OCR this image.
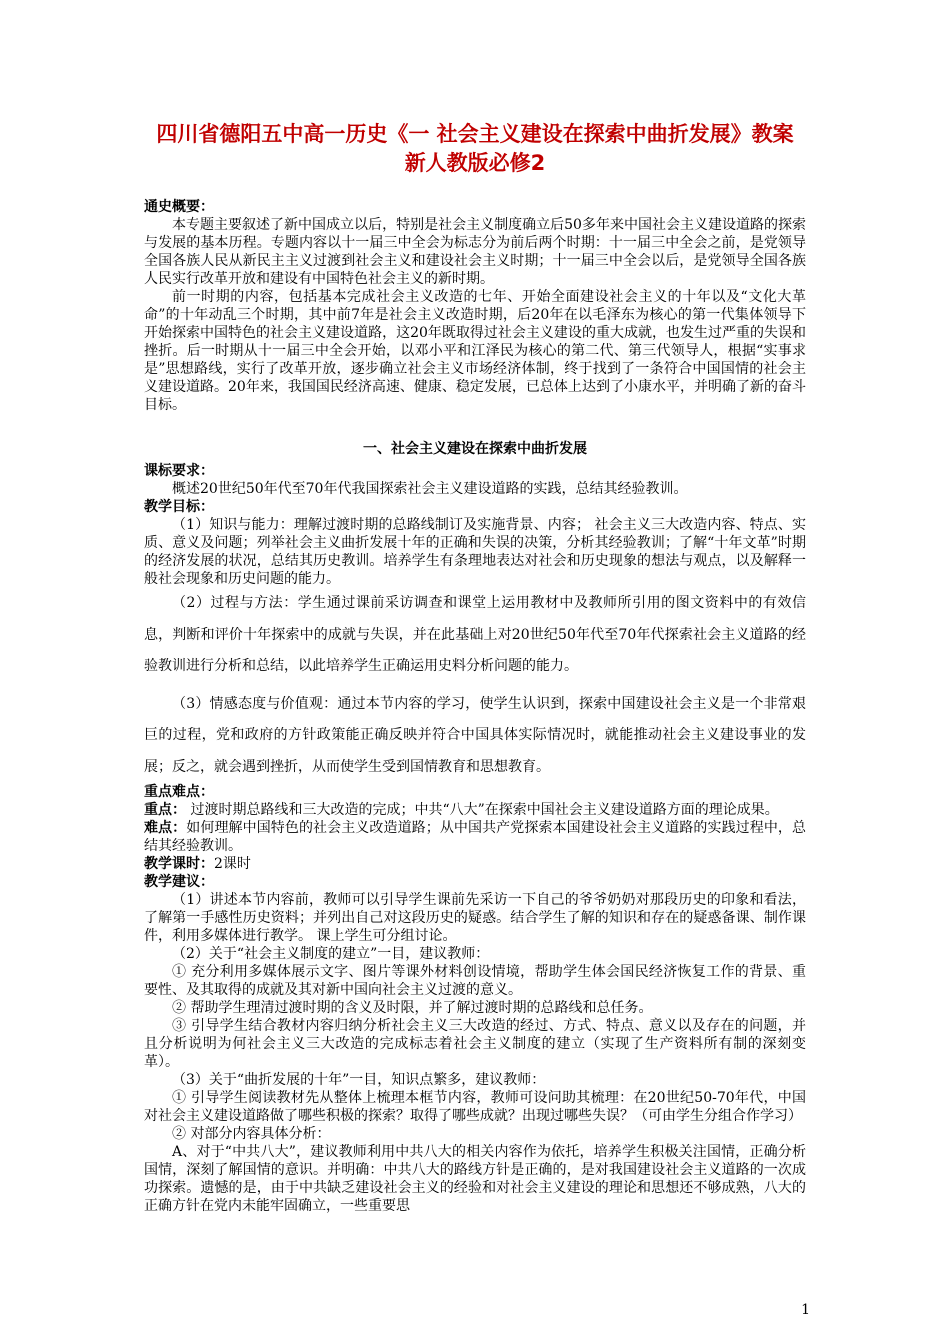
四川省德阳五中高一历史《一 社会主义建设在探索中曲折发展》教案 新人教版必修2

通史概要：

本专题主要叙述了新中国成立以后，特别是社会主义制度确立后50多年来中国社会主义建设道路的探索与发展的基本历程。专题内容以十一届三中全会为标志分为前后两个时期：十一届三中全会之前，是党领导全国各族人民从新民主主义过渡到社会主义和建设社会主义时期；十一届三中全会以后，是党领导全国各族人民实行改革开放和建设有中国特色社会主义的新时期。

前一时期的内容，包括基本完成社会主义改造的七年、开始全面建设社会主义的十年以及“文化大革命”的十年动乱三个时期，其中前7年是社会主义改造时期，后20年在以毛泽东为核心的第一代集体领导下开始探索中国特色的社会主义建设道路，这20年既取得过社会主义建设的重大成就，也发生过严重的失误和挫折。后一时期从十一届三中全会开始，以邓小平和江泽民为核心的第二代、第三代领导人，根据“实事求是”思想路线，实行了改革开放，逐步确立社会主义市场经济体制，终于找到了一条符合中国国情的社会主义建设道路。20年来，我国国民经济高速、健康、稳定发展，已总体上达到了小康水平，并明确了新的奋斗目标。

一、社会主义建设在探索中曲折发展

课标要求：

概述20世纪50年代至70年代我国探索社会主义建设道路的实践，总结其经验教训。

教学目标：

（1）知识与能力：理解过渡时期的总路线制订及实施背景、内容； 社会主义三大改造内容、特点、实质、意义及问题；列举社会主义曲折发展十年的正确和失误的决策，分析其经验教训；了解“十年文革”时期的经济发展的状况，总结其历史教训。培养学生有条理地表达对社会和历史现象的想法与观点，以及解释一般社会现象和历史问题的能力。

（2）过程与方法：学生通过课前采访调查和课堂上运用教材中及教师所引用的图文资料中的有效信息，判断和评价十年探索中的成就与失误，并在此基础上对20世纪50年代至70年代探索社会主义道路的经验教训进行分析和总结，以此培养学生正确运用史料分析问题的能力。

（3）情感态度与价值观：通过本节内容的学习，使学生认识到，探索中国建设社会主义是一个非常艰巨的过程，党和政府的方针政策能正确反映并符合中国具体实际情况时，就能推动社会主义建设事业的发展；反之，就会遇到挫折，从而使学生受到国情教育和思想教育。

重点难点：

重点： 过渡时期总路线和三大改造的完成；中共“八大”在探索中国社会主义建设道路方面的理论成果。

难点：如何理解中国特色的社会主义改造道路；从中国共产党探索本国建设社会主义道路的实践过程中，总结其经验教训。

教学课时：2课时

教学建议：

（1）讲述本节内容前，教师可以引导学生课前先采访一下自己的爷爷奶奶对那段历史的印象和看法，了解第一手感性历史资料；并列出自己对这段历史的疑惑。结合学生了解的知识和存在的疑惑备课、制作课件，利用多媒体进行教学。 课上学生可分组讨论。

（2）关于“社会主义制度的建立”一目，建议教师：

① 充分利用多媒体展示文字、图片等课外材料创设情境，帮助学生体会国民经济恢复工作的背景、重要性、及其取得的成就及其对新中国向社会主义过渡的意义。

② 帮助学生理清过渡时期的含义及时限，并了解过渡时期的总路线和总任务。

③ 引导学生结合教材内容归纳分析社会主义三大改造的经过、方式、特点、意义以及存在的问题，并且分析说明为何社会主义三大改造的完成标志着社会主义制度的建立（实现了生产资料所有制的深刻变革）。

（3）关于“曲折发展的十年”一目，知识点繁多，建议教师：

① 引导学生阅读教材先从整体上梳理本框节内容，教师可设问助其梳理：在20世纪50-70年代，中国对社会主义建设道路做了哪些积极的探索？取得了哪些成就？出现过哪些失误？（可由学生分组合作学习）

② 对部分内容具体分析：

A、对于“中共八大”，建议教师利用中共八大的相关内容作为依托，培养学生积极关注国情，正确分析国情，深刻了解国情的意识。并明确：中共八大的路线方针是正确的，是对我国建设社会主义道路的一次成功探索。遗憾的是，由于中共缺乏建设社会主义的经验和对社会主义建设的理论和思想还不够成熟，八大的正确方针在党内未能牢固确立，一些重要思

1
